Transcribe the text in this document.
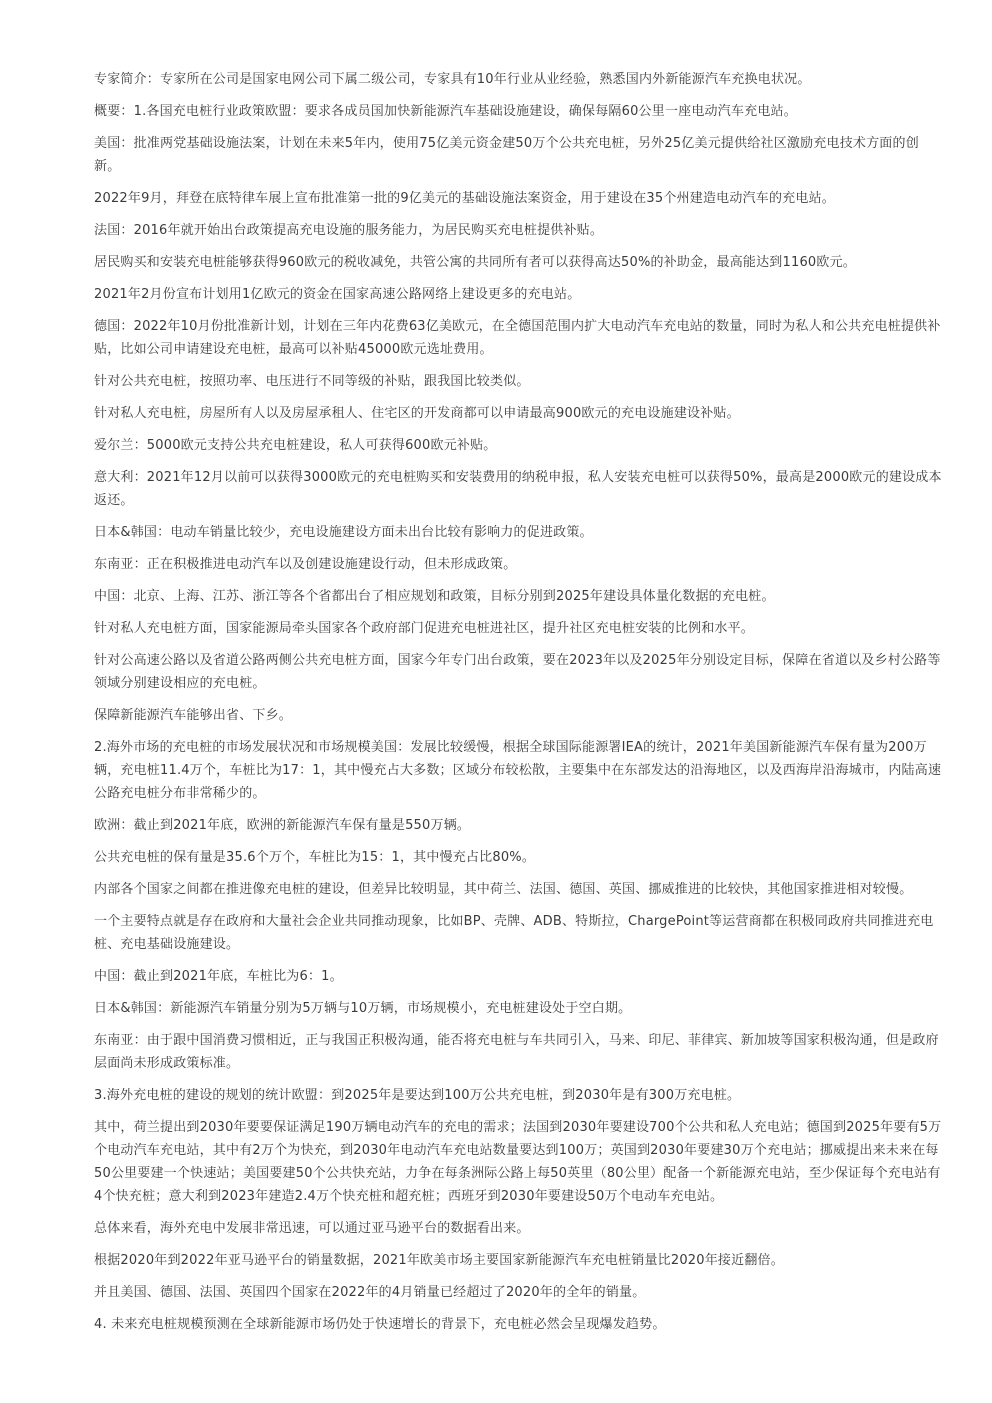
专家简介：专家所在公司是国家电网公司下属二级公司，专家具有10年行业从业经验，熟悉国内外新能源汽车充换电状况。

概要：1.各国充电桩行业政策欧盟：要求各成员国加快新能源汽车基础设施建设，确保每隔60公里一座电动汽车充电站。

美国：批准两党基础设施法案，计划在未来5年内，使用75亿美元资金建50万个公共充电桩，另外25亿美元提供给社区激励充电技术方面的创新。

2022年9月，拜登在底特律车展上宣布批准第一批的9亿美元的基础设施法案资金，用于建设在35个州建造电动汽车的充电站。

法国：2016年就开始出台政策提高充电设施的服务能力，为居民购买充电桩提供补贴。

居民购买和安装充电桩能够获得960欧元的税收减免，共管公寓的共同所有者可以获得高达50%的补助金，最高能达到1160欧元。

2021年2月份宣布计划用1亿欧元的资金在国家高速公路网络上建设更多的充电站。

德国：2022年10月份批准新计划，计划在三年内花费63亿美欧元，在全德国范围内扩大电动汽车充电站的数量，同时为私人和公共充电桩提供补贴，比如公司申请建设充电桩，最高可以补贴45000欧元选址费用。

针对公共充电桩，按照功率、电压进行不同等级的补贴，跟我国比较类似。

针对私人充电桩，房屋所有人以及房屋承租人、住宅区的开发商都可以申请最高900欧元的充电设施建设补贴。

爱尔兰：5000欧元支持公共充电桩建设，私人可获得600欧元补贴。

意大利：2021年12月以前可以获得3000欧元的充电桩购买和安装费用的纳税申报，私人安装充电桩可以获得50%，最高是2000欧元的建设成本返还。

日本&韩国：电动车销量比较少，充电设施建设方面未出台比较有影响力的促进政策。

东南亚：正在积极推进电动汽车以及创建设施建设行动，但未形成政策。

中国：北京、上海、江苏、浙江等各个省都出台了相应规划和政策，目标分别到2025年建设具体量化数据的充电桩。

针对私人充电桩方面，国家能源局牵头国家各个政府部门促进充电桩进社区，提升社区充电桩安装的比例和水平。

针对公高速公路以及省道公路两侧公共充电桩方面，国家今年专门出台政策，要在2023年以及2025年分别设定目标，保障在省道以及乡村公路等领域分别建设相应的充电桩。

保障新能源汽车能够出省、下乡。

2.海外市场的充电桩的市场发展状况和市场规模美国：发展比较缓慢，根据全球国际能源署IEA的统计，2021年美国新能源汽车保有量为200万辆，充电桩11.4万个，车桩比为17：1，其中慢充占大多数；区域分布较松散，主要集中在东部发达的沿海地区，以及西海岸沿海城市，内陆高速公路充电桩分布非常稀少的。

欧洲：截止到2021年底，欧洲的新能源汽车保有量是550万辆。

公共充电桩的保有量是35.6个万个，车桩比为15：1，其中慢充占比80%。

内部各个国家之间都在推进像充电桩的建设，但差异比较明显，其中荷兰、法国、德国、英国、挪威推进的比较快，其他国家推进相对较慢。

一个主要特点就是存在政府和大量社会企业共同推动现象，比如BP、壳牌、ADB、特斯拉，ChargePoint等运营商都在积极同政府共同推进充电桩、充电基础设施建设。

中国：截止到2021年底，车桩比为6：1。

日本&韩国：新能源汽车销量分别为5万辆与10万辆，市场规模小，充电桩建设处于空白期。

东南亚：由于跟中国消费习惯相近，正与我国正积极沟通，能否将充电桩与车共同引入，马来、印尼、菲律宾、新加坡等国家积极沟通，但是政府层面尚未形成政策标准。

3.海外充电桩的建设的规划的统计欧盟：到2025年是要达到100万公共充电桩，到2030年是有300万充电桩。

其中，荷兰提出到2030年要要保证满足190万辆电动汽车的充电的需求；法国到2030年要建设700个公共和私人充电站；德国到2025年要有5万个电动汽车充电站，其中有2万个为快充，到2030年电动汽车充电站数量要达到100万；英国到2030年要建30万个充电站；挪威提出来未来在每50公里要建一个快速站；美国要建50个公共快充站，力争在每条洲际公路上每50英里（80公里）配备一个新能源充电站，至少保证每个充电站有4个快充桩；意大利到2023年建造2.4万个快充桩和超充桩；西班牙到2030年要建设50万个电动车充电站。

总体来看，海外充电中发展非常迅速，可以通过亚马逊平台的数据看出来。

根据2020年到2022年亚马逊平台的销量数据，2021年欧美市场主要国家新能源汽车充电桩销量比2020年接近翻倍。

并且美国、德国、法国、英国四个国家在2022年的4月销量已经超过了2020年的全年的销量。

4. 未来充电桩规模预测在全球新能源市场仍处于快速增长的背景下，充电桩必然会呈现爆发趋势。
